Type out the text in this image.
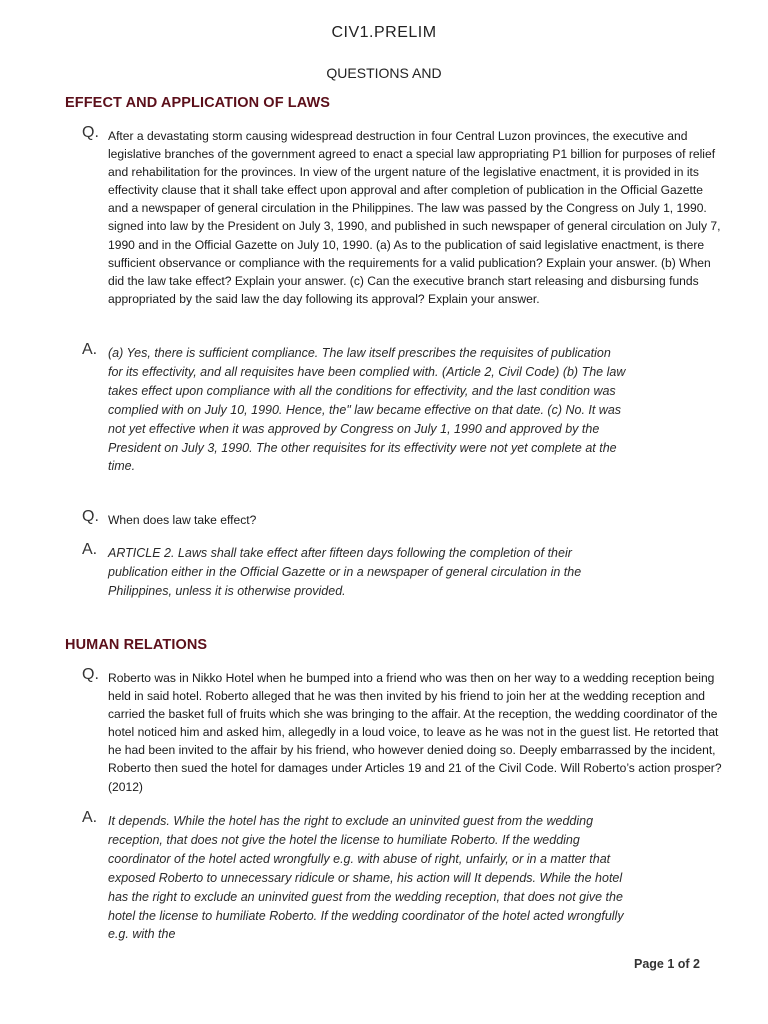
CIV1.PRELIM
QUESTIONS AND
EFFECT AND APPLICATION OF LAWS
Q. After a devastating storm causing widespread destruction in four Central Luzon provinces, the executive and legislative branches of the government agreed to enact a special law appropriating P1 billion for purposes of relief and rehabilitation for the provinces. In view of the urgent nature of the legislative enactment, it is provided in its effectivity clause that it shall take effect upon approval and after completion of publication in the Official Gazette and a newspaper of general circulation in the Philippines. The law was passed by the Congress on July 1, 1990. signed into law by the President on July 3, 1990, and published in such newspaper of general circulation on July 7, 1990 and in the Official Gazette on July 10, 1990. (a) As to the publication of said legislative enactment, is there sufficient observance or compliance with the requirements for a valid publication? Explain your answer. (b) When did the law take effect? Explain your answer. (c) Can the executive branch start releasing and disbursing funds appropriated by the said law the day following its approval? Explain your answer.
A. (a) Yes, there is sufficient compliance. The law itself prescribes the requisites of publication for its effectivity, and all requisites have been complied with. (Article 2, Civil Code) (b) The law takes effect upon compliance with all the conditions for effectivity, and the last condition was complied with on July 10, 1990. Hence, the" law became effective on that date. (c) No. It was not yet effective when it was approved by Congress on July 1, 1990 and approved by the President on July 3, 1990. The other requisites for its effectivity were not yet complete at the time.
Q. When does law take effect?
A. ARTICLE 2. Laws shall take effect after fifteen days following the completion of their publication either in the Official Gazette or in a newspaper of general circulation in the Philippines, unless it is otherwise provided.
HUMAN RELATIONS
Q. Roberto was in Nikko Hotel when he bumped into a friend who was then on her way to a wedding reception being held in said hotel. Roberto alleged that he was then invited by his friend to join her at the wedding reception and carried the basket full of fruits which she was bringing to the affair. At the reception, the wedding coordinator of the hotel noticed him and asked him, allegedly in a loud voice, to leave as he was not in the guest list. He retorted that he had been invited to the affair by his friend, who however denied doing so. Deeply embarrassed by the incident, Roberto then sued the hotel for damages under Articles 19 and 21 of the Civil Code. Will Roberto’s action prosper? (2012)
A. It depends. While the hotel has the right to exclude an uninvited guest from the wedding reception, that does not give the hotel the license to humiliate Roberto. If the wedding coordinator of the hotel acted wrongfully e.g. with abuse of right, unfairly, or in a matter that exposed Roberto to unnecessary ridicule or shame, his action will It depends. While the hotel has the right to exclude an uninvited guest from the wedding reception, that does not give the hotel the license to humiliate Roberto. If the wedding coordinator of the hotel acted wrongfully e.g. with the
Page 1 of 2
